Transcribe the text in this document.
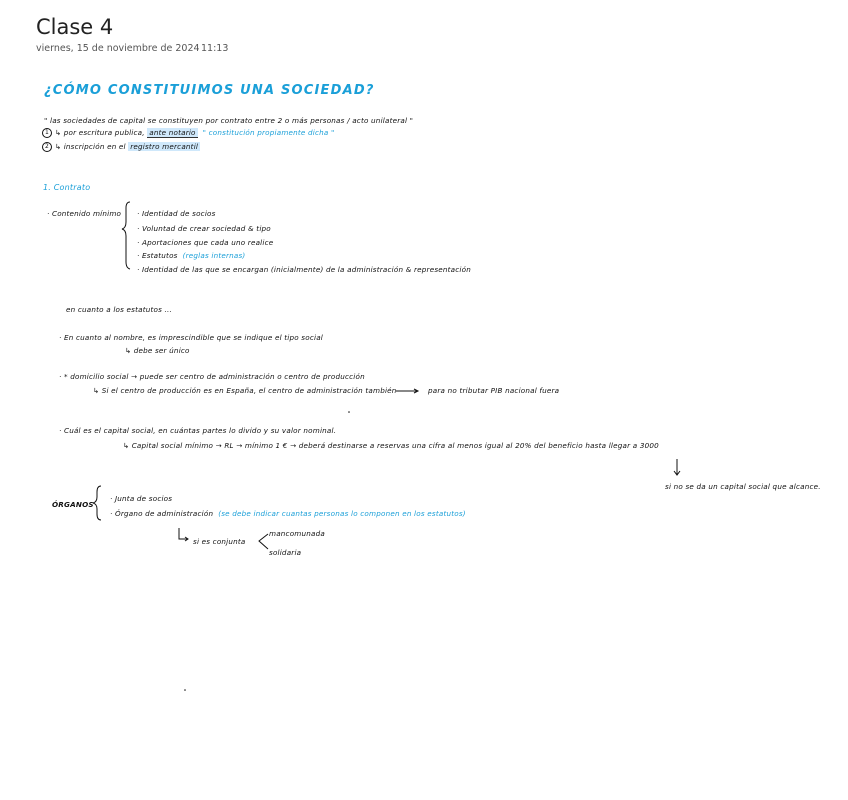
Clase 4
viernes, 15 de noviembre de 2024 11:13
¿CÓMO CONSTITUIMOS UNA SOCIEDAD?
" las sociedades de capital se constituyen por contrato entre 2 o más personas / acto unilateral "
1 ↳ por escritura publica, ante notario " constitución propiamente dicha "
2 ↳ inscripción en el registro mercantil
1. Contrato
· Contenido mínimo · Identidad de socios
· Voluntad de crear sociedad & tipo
· Aportaciones que cada uno realice
· Estatutos (reglas internas)
· Identidad de las que se encargan (inicialmente) de la administración & representación
en cuanto a los estatutos ...
· En cuanto al nombre, es imprescindible que se indique el tipo social
↳ debe ser único
· * domicilio social → puede ser centro de administración o centro de producción
↳ Si el centro de producción es en España, el centro de administración también	para no tributar PIB nacional fuera
· Cuál es el capital social, en cuántas partes lo divido y su valor nominal.
↳ Capital social mínimo → RL → mínimo 1 € → deberá destinarse a reservas una cifra al menos igual al 20% del beneficio hasta llegar a 3000
si no se da un capital social que alcance.
ÓRGANOS
· Junta de socios
· Órgano de administración (se debe indicar cuantas personas lo componen en los estatutos)
si es conjunta
mancomunada
solidaria
